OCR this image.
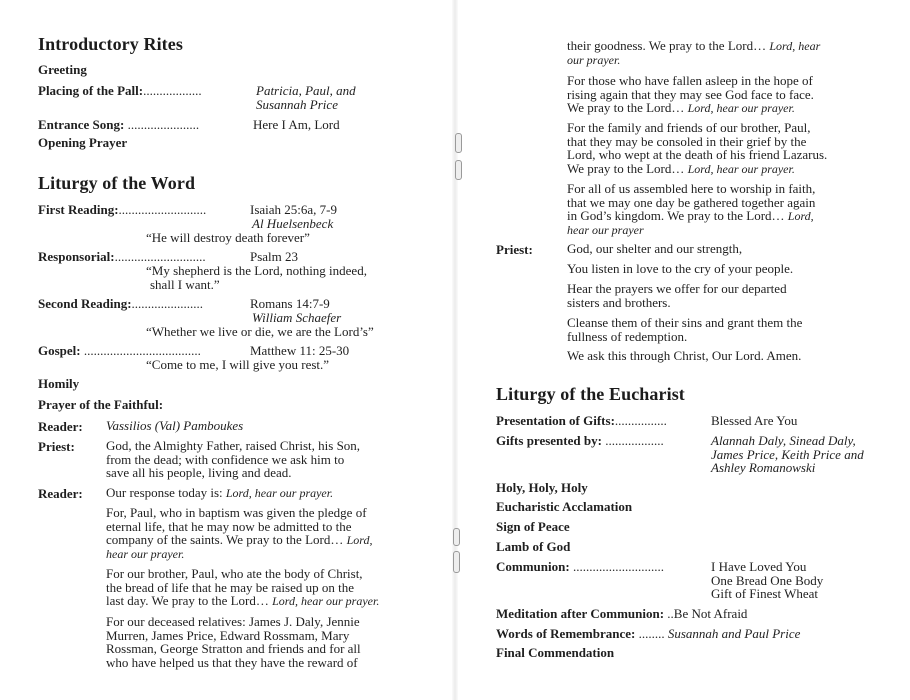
Introductory Rites
Greeting
Placing of the Pall:..................	Patricia, Paul, and
Susannah Price
Entrance Song: ......................	Here I Am, Lord
Opening Prayer
Liturgy of the Word
First Reading:...........................	Isaiah 25:6a, 7-9
Al Huelsenbeck
“He will destroy death forever”
Responsorial:............................	Psalm 23
“My shepherd is the Lord, nothing indeed,
shall I want.”
Second Reading:......................	Romans 14:7-9
William Schaefer
“Whether we live or die, we are the Lord’s”
Gospel: ....................................	Matthew 11: 25-30
“Come to me, I will give you rest.”
Homily
Prayer of the Faithful:
Reader: Vassilios (Val) Pamboukes
Priest: God, the Almighty Father, raised Christ, his Son,
from the dead; with confidence we ask him to
save all his people, living and dead.
Reader: Our response today is: Lord, hear our prayer.
For, Paul, who in baptism was given the pledge of
eternal life, that he may now be admitted to the
company of the saints. We pray to the Lord… Lord,
hear our prayer.
For our brother, Paul, who ate the body of Christ,
the bread of life that he may be raised up on the
last day. We pray to the Lord… Lord, hear our prayer.
For our deceased relatives: James J. Daly, Jennie
Murren, James Price, Edward Rossmam, Mary
Rossman, George Stratton and friends and for all
who have helped us that they have the reward of
their goodness. We pray to the Lord… Lord, hear
our prayer.
For those who have fallen asleep in the hope of
rising again that they may see God face to face.
We pray to the Lord… Lord, hear our prayer.
For the family and friends of our brother, Paul,
that they may be consoled in their grief by the
Lord, who wept at the death of his friend Lazarus.
We pray to the Lord… Lord, hear our prayer.
For all of us assembled here to worship in faith,
that we may one day be gathered together again
in God’s kingdom. We pray to the Lord… Lord,
hear our prayer
Priest:	God, our shelter and our strength,
You listen in love to the cry of your people.
Hear the prayers we offer for our departed
sisters and brothers.
Cleanse them of their sins and grant them the
fullness of redemption.
We ask this through Christ, Our Lord. Amen.
Liturgy of the Eucharist
Presentation of Gifts:................	Blessed Are You
Gifts presented by: ..................	Alannah Daly, Sinead Daly,
James Price, Keith Price and
Ashley Romanowski
Holy, Holy, Holy
Eucharistic Acclamation
Sign of Peace
Lamb of God
Communion: ............................	I Have Loved You
One Bread One Body
Gift of Finest Wheat
Meditation after Communion: ..Be Not Afraid
Words of Remembrance: ........ Susannah and Paul Price
Final Commendation
